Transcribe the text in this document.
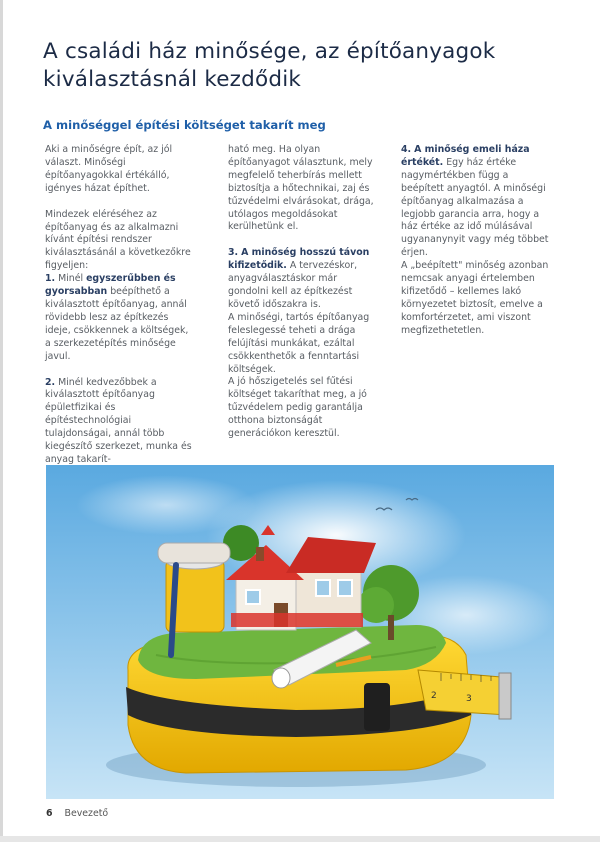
A családi ház minősége, az építőanyagok kiválasztásnál kezdődik
A minőséggel építési költséget takarít meg

Aki a minőségre épít, az jól választ. Minőségi építőanyagokkal értékálló, igényes házat építhet.

Mindezek eléréséhez az építőanyag és az alkalmazni kívánt építési rendszer kiválasztásánál a következőkre figyeljen:

1. Minél egyszerűbben és gyorsabban beépíthető a kiválasztott építőanyag, annál rövidebb lesz az építkezés ideje, csökkennek a költségek, a szerkezetépítés minősége javul.

2. Minél kedvezőbbek a kiválasztott építőanyag épületfizikai és építéstechnológiai tulajdonságai, annál több kiegészítő szerkezet, munka és anyag takarít-

ható meg. Ha olyan építőanyagot választunk, mely megfelelő teherbírás mellett biztosítja a hőtechnikai, zaj és tűzvédelmi elvárásokat, drága, utólagos megoldásokat kerülhetünk el.

3. A minőség hosszú távon kifizetődik. A tervezéskor, anyagválasztáskor már gondolni kell az építkezést követő időszakra is.

A minőségi, tartós építőanyag feleslegessé teheti a drága felújítási munkákat, ezáltal csökkenthetők a fenntartási költségek.

A jó hőszigetelés sel fűtési költséget takaríthat meg, a jó tűzvédelem pedig garantálja otthona biztonságát generációkon keresztül.

4. A minőség emeli háza értékét. Egy ház értéke nagymértékben függ a beépített anyagtól. A minőségi építőanyag alkalmazása a legjobb garancia arra, hogy a ház értéke az idő múlásával ugyananynyit vagy még többet érjen.

A „beépített" minőség azonban nemcsak anyagi értelemben kifizetődő – kellemes lakó környezetet biztosít, emelve a komfortérzetet, ami viszont megfizethetetlen.

2	3
6 Bevezető
